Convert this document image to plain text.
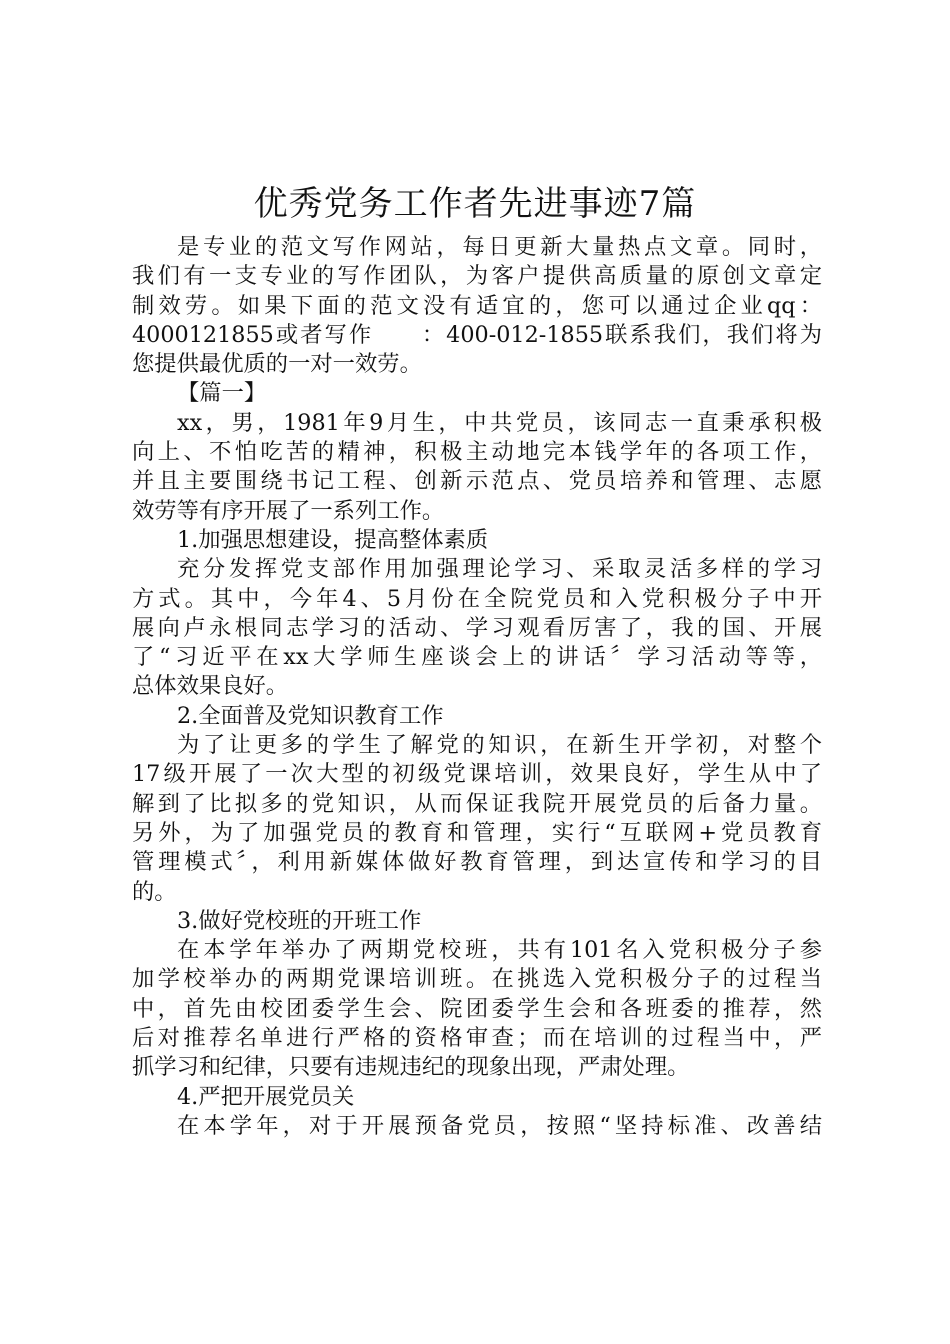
优秀党务工作者先进事迹7篇
是专业的范文写作网站，每日更新大量热点文章。同时，
我们有一支专业的写作团队，为客户提供高质量的原创文章定
制效劳。如果下面的范文没有适宜的，您可以通过企业qq：
4000121855或者写作　　：400-012-1855联系我们，我们将为
您提供最优质的一对一效劳。
【篇一】
xx，男，1981年9月生，中共党员，该同志一直秉承积极
向上、不怕吃苦的精神，积极主动地完本钱学年的各项工作，
并且主要围绕书记工程、创新示范点、党员培养和管理、志愿
效劳等有序开展了一系列工作。
1.加强思想建设，提高整体素质
充分发挥党支部作用加强理论学习、采取灵活多样的学习
方式。其中，今年4、5月份在全院党员和入党积极分子中开
展向卢永根同志学习的活动、学习观看厉害了，我的国、开展
了“习近平在xx大学师生座谈会上的讲话〞学习活动等等，
总体效果良好。
2.全面普及党知识教育工作
为了让更多的学生了解党的知识，在新生开学初，对整个
17级开展了一次大型的初级党课培训，效果良好，学生从中了
解到了比拟多的党知识，从而保证我院开展党员的后备力量。
另外，为了加强党员的教育和管理，实行“互联网+党员教育
管理模式〞，利用新媒体做好教育管理，到达宣传和学习的目
的。
3.做好党校班的开班工作
在本学年举办了两期党校班，共有101名入党积极分子参
加学校举办的两期党课培训班。在挑选入党积极分子的过程当
中，首先由校团委学生会、院团委学生会和各班委的推荐，然
后对推荐名单进行严格的资格审查；而在培训的过程当中，严
抓学习和纪律，只要有违规违纪的现象出现，严肃处理。
4.严把开展党员关
在本学年，对于开展预备党员，按照“坚持标准、改善结
